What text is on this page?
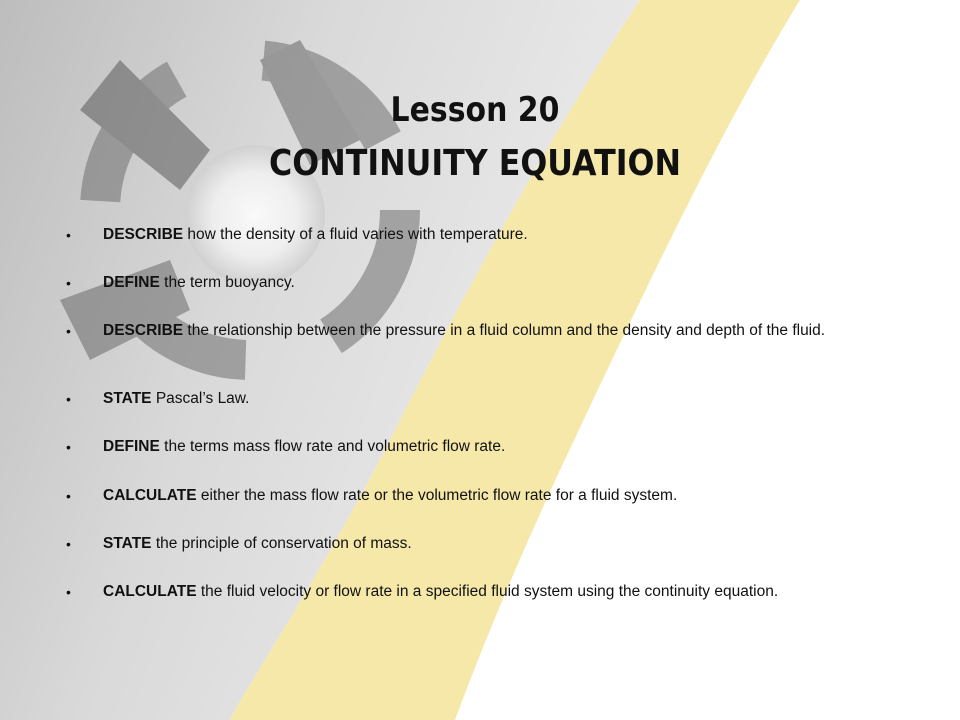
Lesson 20
CONTINUITY EQUATION
• DESCRIBE how the density of a fluid varies with temperature.
• DEFINE the term buoyancy.
• DESCRIBE the relationship between the pressure in a fluid column and the density and depth of the fluid.
• STATE Pascal’s Law.
• DEFINE the terms mass flow rate and volumetric flow rate.
• CALCULATE either the mass flow rate or the volumetric flow rate for a fluid system.
• STATE the principle of conservation of mass.
• CALCULATE the fluid velocity or flow rate in a specified fluid system using the continuity equation.
